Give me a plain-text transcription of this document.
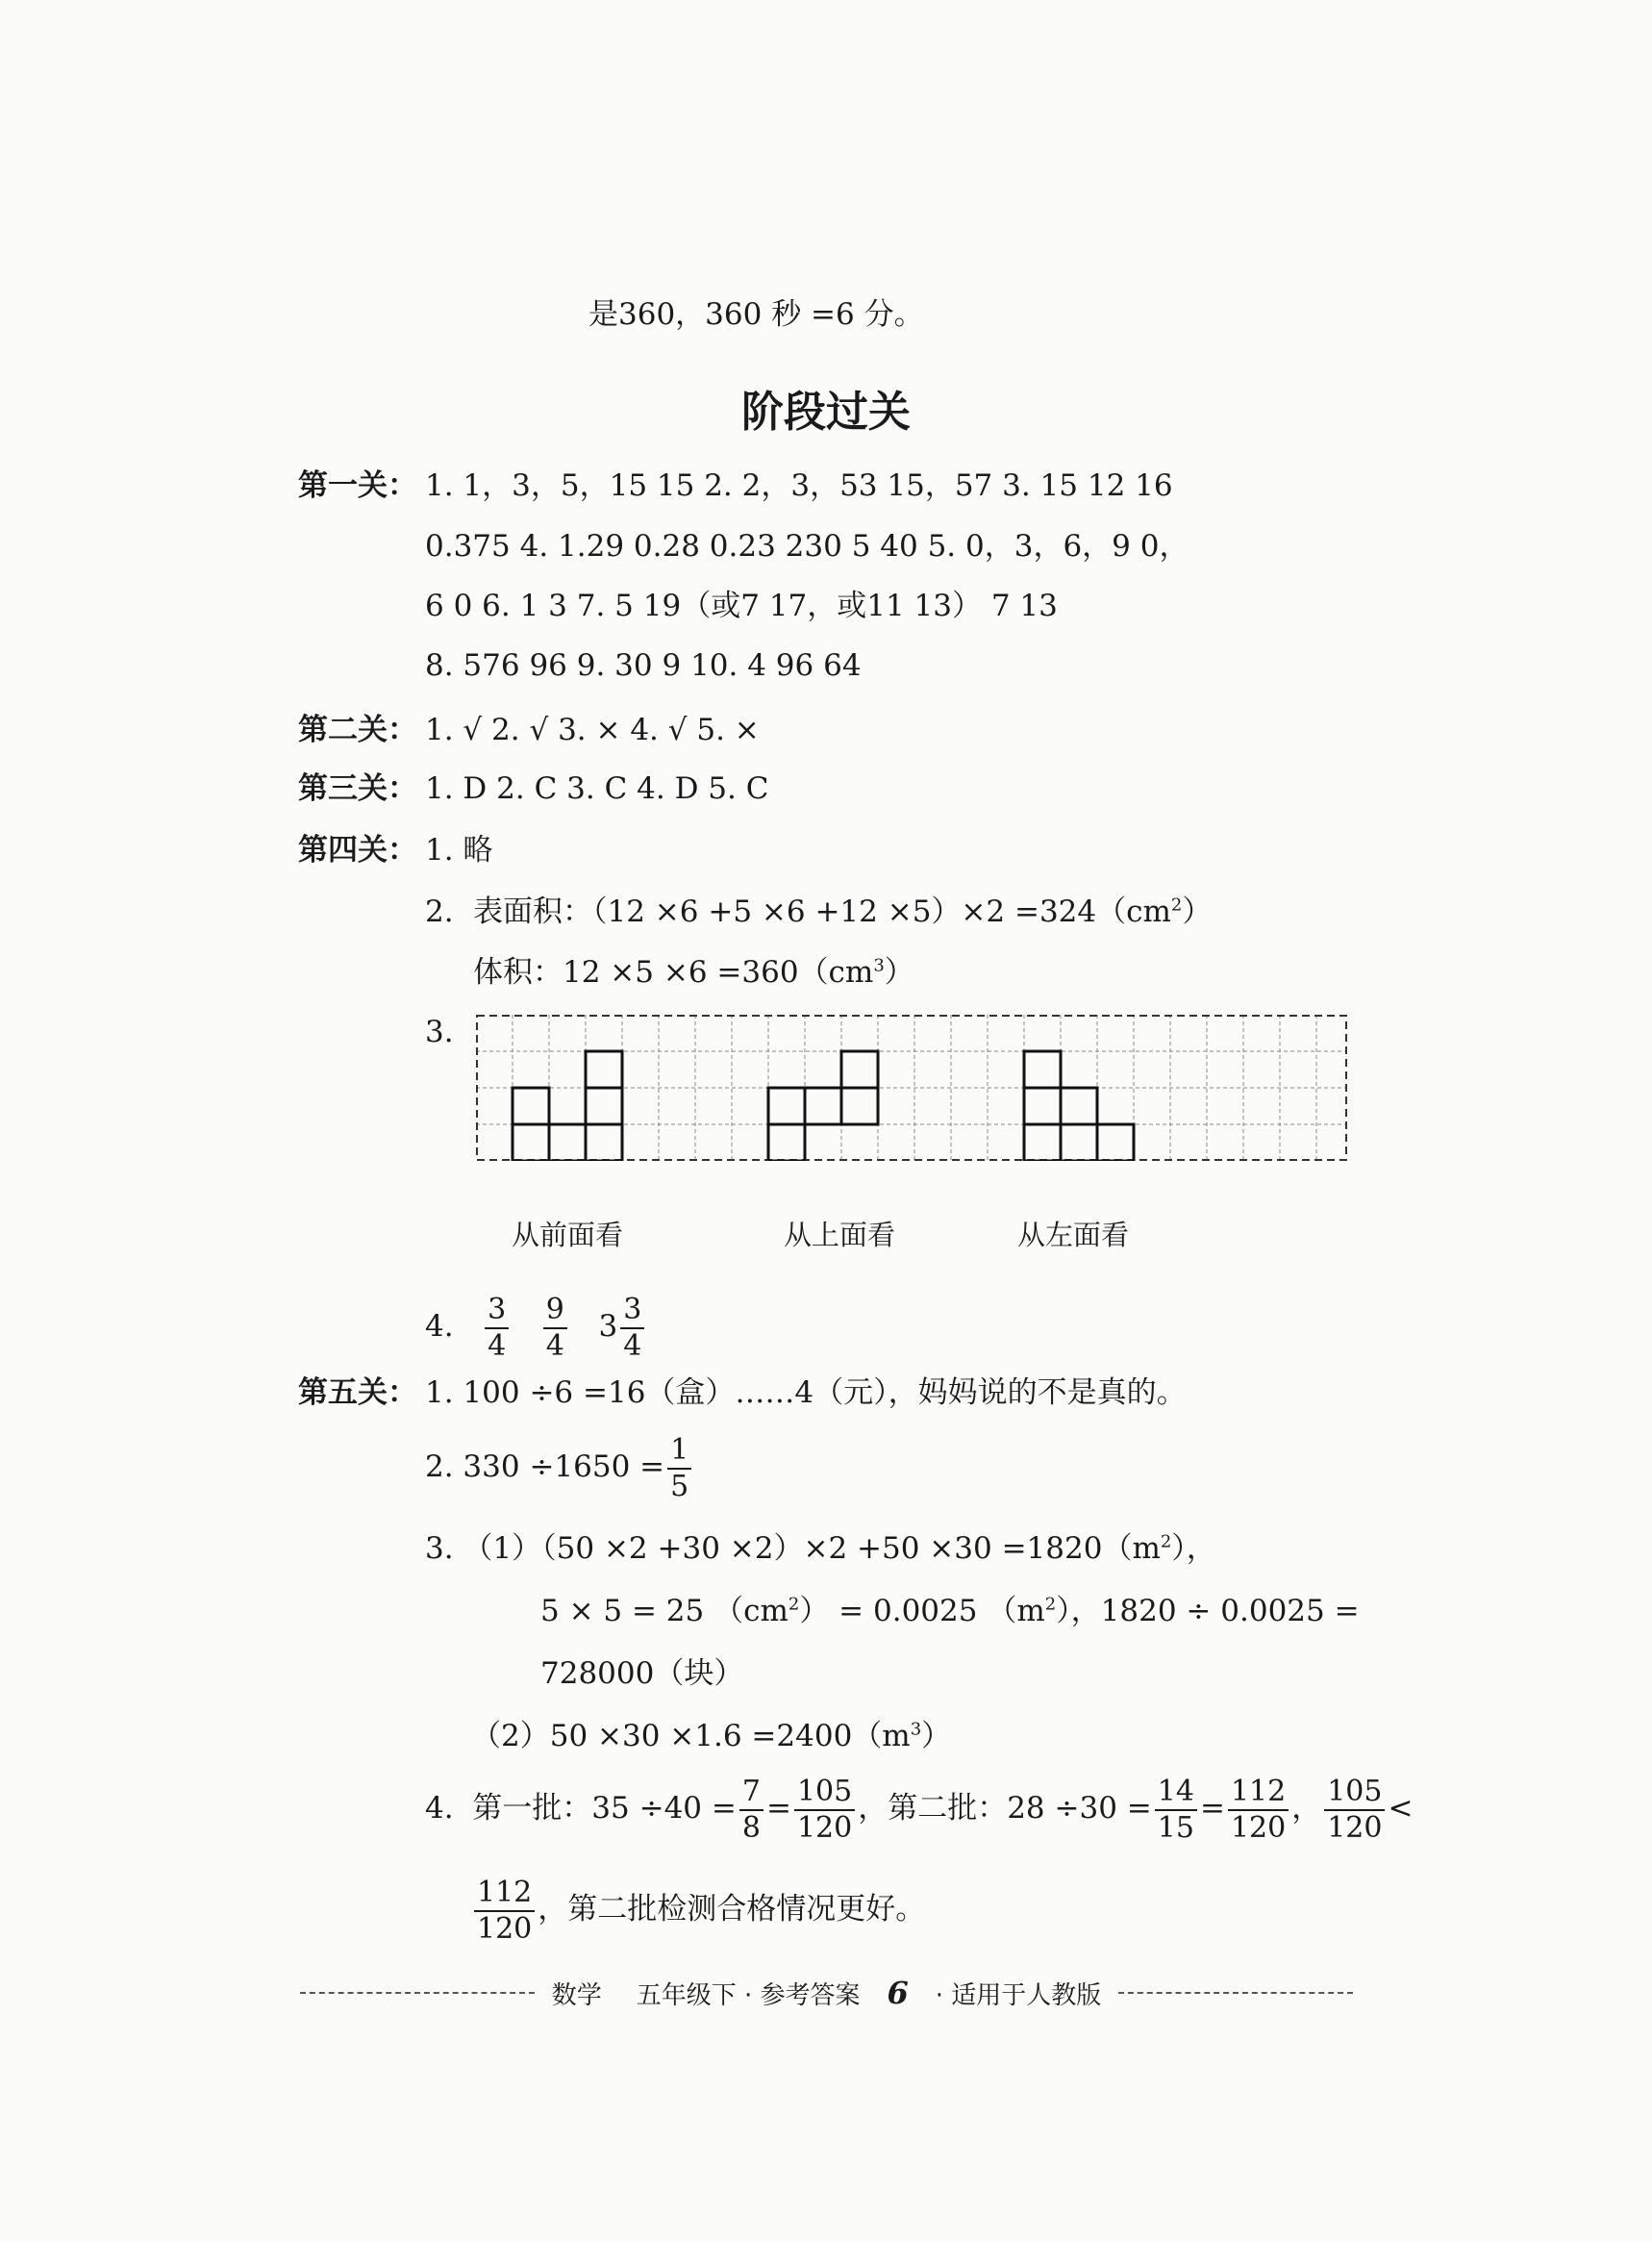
是360，360 秒 =6 分。
阶段过关
第一关： 1. 1，3，5，15 15 2. 2，3，53 15，57 3. 15 12 16
0.375 4. 1.29 0.28 0.23 230 5 40 5. 0，3，6，9 0，
6 0 6. 1 3 7. 5 19（或7 17，或11 13） 7 13
8. 576 96 9. 30 9 10. 4 96 64
第二关： 1. √ 2. √ 3. × 4. √ 5. ×
第三关： 1. D 2. C 3. C 4. D 5. C
第四关： 1. 略
2. 表面积：$(12 \times 6 +5 \times 6 +12 \times 5)\times 2 =324(cm^2)$
体积：$12 \times 5 \times 6 =360(cm^3)$
3.
从前面看	从上面看	从左面看
4. $\frac{3}{4}$
$\frac{9}{4} 3 \frac{3}{4}$
第五关： 1. 100 ÷6 =16（盒）……4（元），妈妈说的不是真的。
2. $330 \div 1650 = \frac{1}{5}$
3. $(1)(50 \times 2 +30 \times 2)\times 2 +50 \times 30 =1820(m^2)$，
5 × 5 = 25 $(cm^2) = 0.0025$ $(m^2)$，1820 ÷ 0.0025 =
728000（块）
$(2)50 \times 30 \times 1.6 =2400(m^3)$
4. 第一批：$35 \div 40 = \frac{7}{8} = \frac{105}{120}$ ，第二批：$28 \div 30 = \frac{14}{15} = \frac{112}{120}$ ， $\frac{105}{120}$ <
$\frac{112}{120}$ ，第二批检测合格情况更好。
数学	五年级下 · 参考答案 6	· 适用于人教版
